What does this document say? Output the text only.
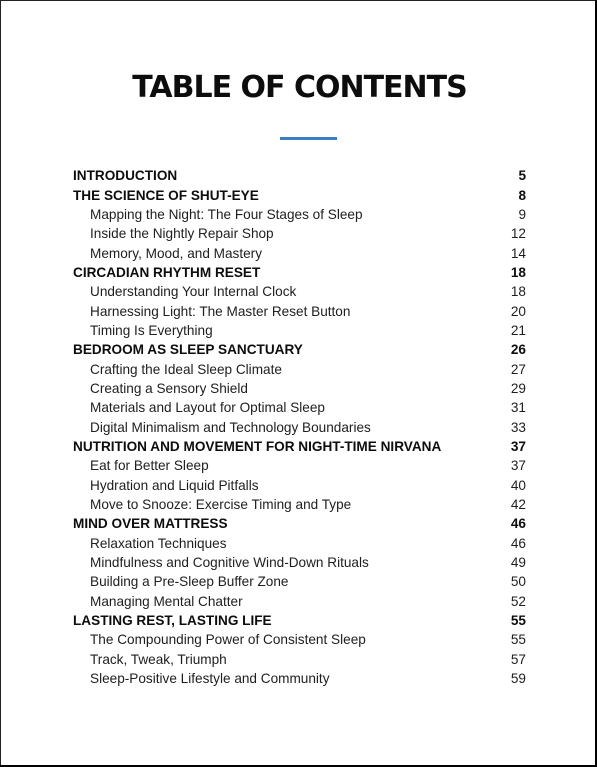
TABLE OF CONTENTS
INTRODUCTION	5
THE SCIENCE OF SHUT-EYE	8
Mapping the Night: The Four Stages of Sleep	9
Inside the Nightly Repair Shop	12
Memory, Mood, and Mastery	14
CIRCADIAN RHYTHM RESET	18
Understanding Your Internal Clock	18
Harnessing Light: The Master Reset Button	20
Timing Is Everything	21
BEDROOM AS SLEEP SANCTUARY	26
Crafting the Ideal Sleep Climate	27
Creating a Sensory Shield	29
Materials and Layout for Optimal Sleep	31
Digital Minimalism and Technology Boundaries	33
NUTRITION AND MOVEMENT FOR NIGHT-TIME NIRVANA	37
Eat for Better Sleep	37
Hydration and Liquid Pitfalls	40
Move to Snooze: Exercise Timing and Type	42
MIND OVER MATTRESS	46
Relaxation Techniques	46
Mindfulness and Cognitive Wind-Down Rituals	49
Building a Pre-Sleep Buffer Zone	50
Managing Mental Chatter	52
LASTING REST, LASTING LIFE	55
The Compounding Power of Consistent Sleep	55
Track, Tweak, Triumph	57
Sleep-Positive Lifestyle and Community	59
